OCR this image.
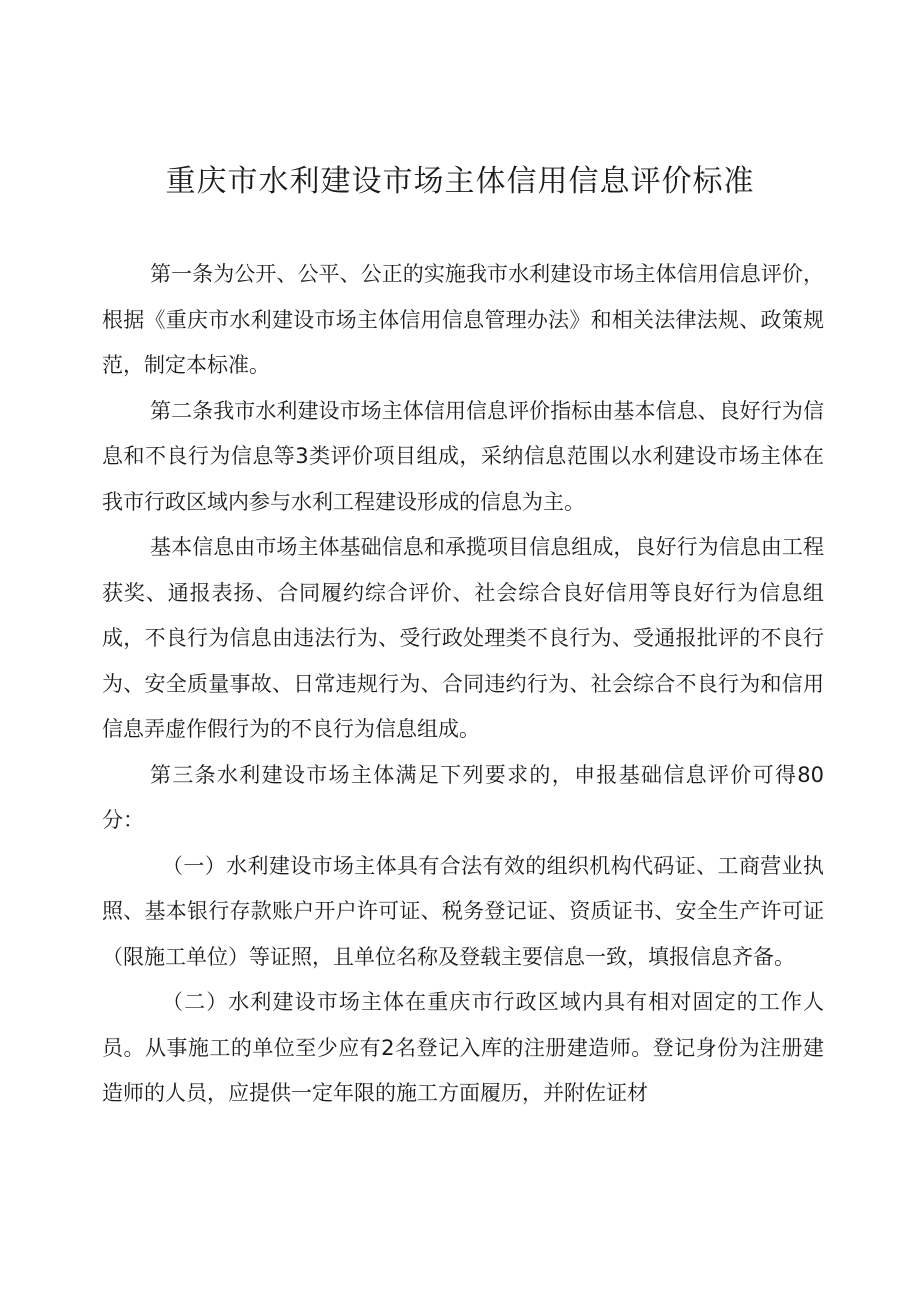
重庆市水利建设市场主体信用信息评价标准

第一条为公开、公平、公正的实施我市水利建设市场主体信用信息评价，根据《重庆市水利建设市场主体信用信息管理办法》和相关法律法规、政策规范，制定本标准。

第二条我市水利建设市场主体信用信息评价指标由基本信息、良好行为信息和不良行为信息等3类评价项目组成，采纳信息范围以水利建设市场主体在我市行政区域内参与水利工程建设形成的信息为主。

基本信息由市场主体基础信息和承揽项目信息组成，良好行为信息由工程获奖、通报表扬、合同履约综合评价、社会综合良好信用等良好行为信息组成，不良行为信息由违法行为、受行政处理类不良行为、受通报批评的不良行为、安全质量事故、日常违规行为、合同违约行为、社会综合不良行为和信用信息弄虚作假行为的不良行为信息组成。

第三条水利建设市场主体满足下列要求的，申报基础信息评价可得80分：

（一）水利建设市场主体具有合法有效的组织机构代码证、工商营业执照、基本银行存款账户开户许可证、税务登记证、资质证书、安全生产许可证（限施工单位）等证照，且单位名称及登载主要信息一致，填报信息齐备。

（二）水利建设市场主体在重庆市行政区域内具有相对固定的工作人员。从事施工的单位至少应有2名登记入库的注册建造师。登记身份为注册建造师的人员，应提供一定年限的施工方面履历，并附佐证材
